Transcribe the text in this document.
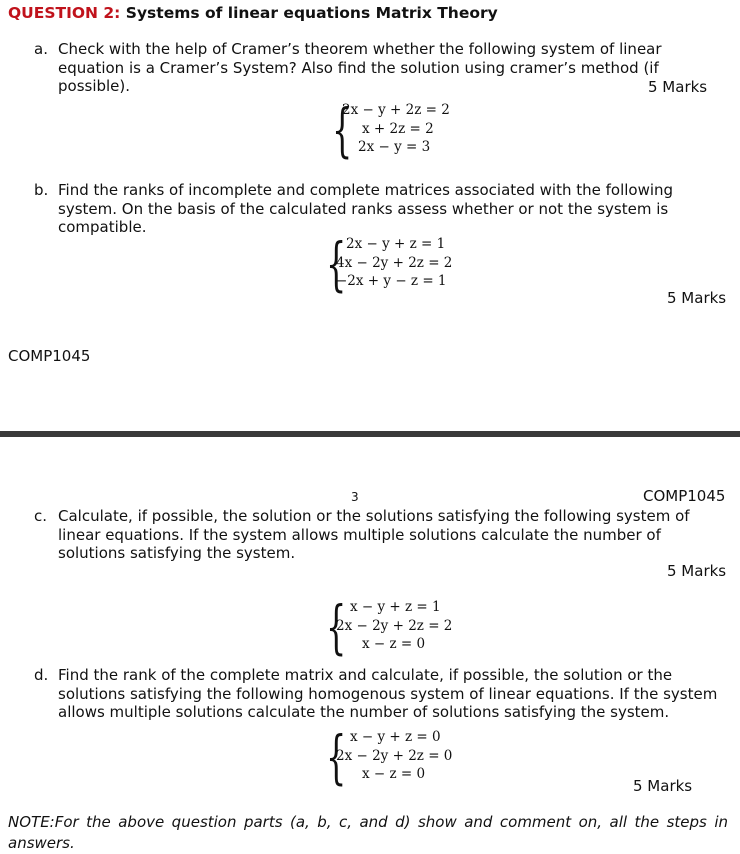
QUESTION 2: Systems of linear equations Matrix Theory
a. Check with the help of Cramer’s theorem whether the following system of linear equation is a Cramer’s System? Also find the solution using cramer’s method (if possible).	5 Marks
{
2x − y + 2z = 2
x + 2z = 2
2x − y = 3
b. Find the ranks of incomplete and complete matrices associated with the following system. On the basis of the calculated ranks assess whether or not the system is compatible.
{ 2x − y + z = 1
4x − 2y + 2z = 2
−2x + y − z = 1
5 Marks
COMP1045
3	COMP1045
c. Calculate, if possible, the solution or the solutions satisfying the following system of linear equations. If the system allows multiple solutions calculate the number of solutions satisfying the system.
5 Marks
{ x − y + z = 1
2x − 2y + 2z = 2
x − z = 0
d. Find the rank of the complete matrix and calculate, if possible, the solution or the solutions satisfying the following homogenous system of linear equations. If the system allows multiple solutions calculate the number of solutions satisfying the system.
{ x − y + z = 0
2x − 2y + 2z = 0
x − z = 0
5 Marks
NOTE:For the above question parts (a, b, c, and d) show and comment on, all the steps in
answers.
